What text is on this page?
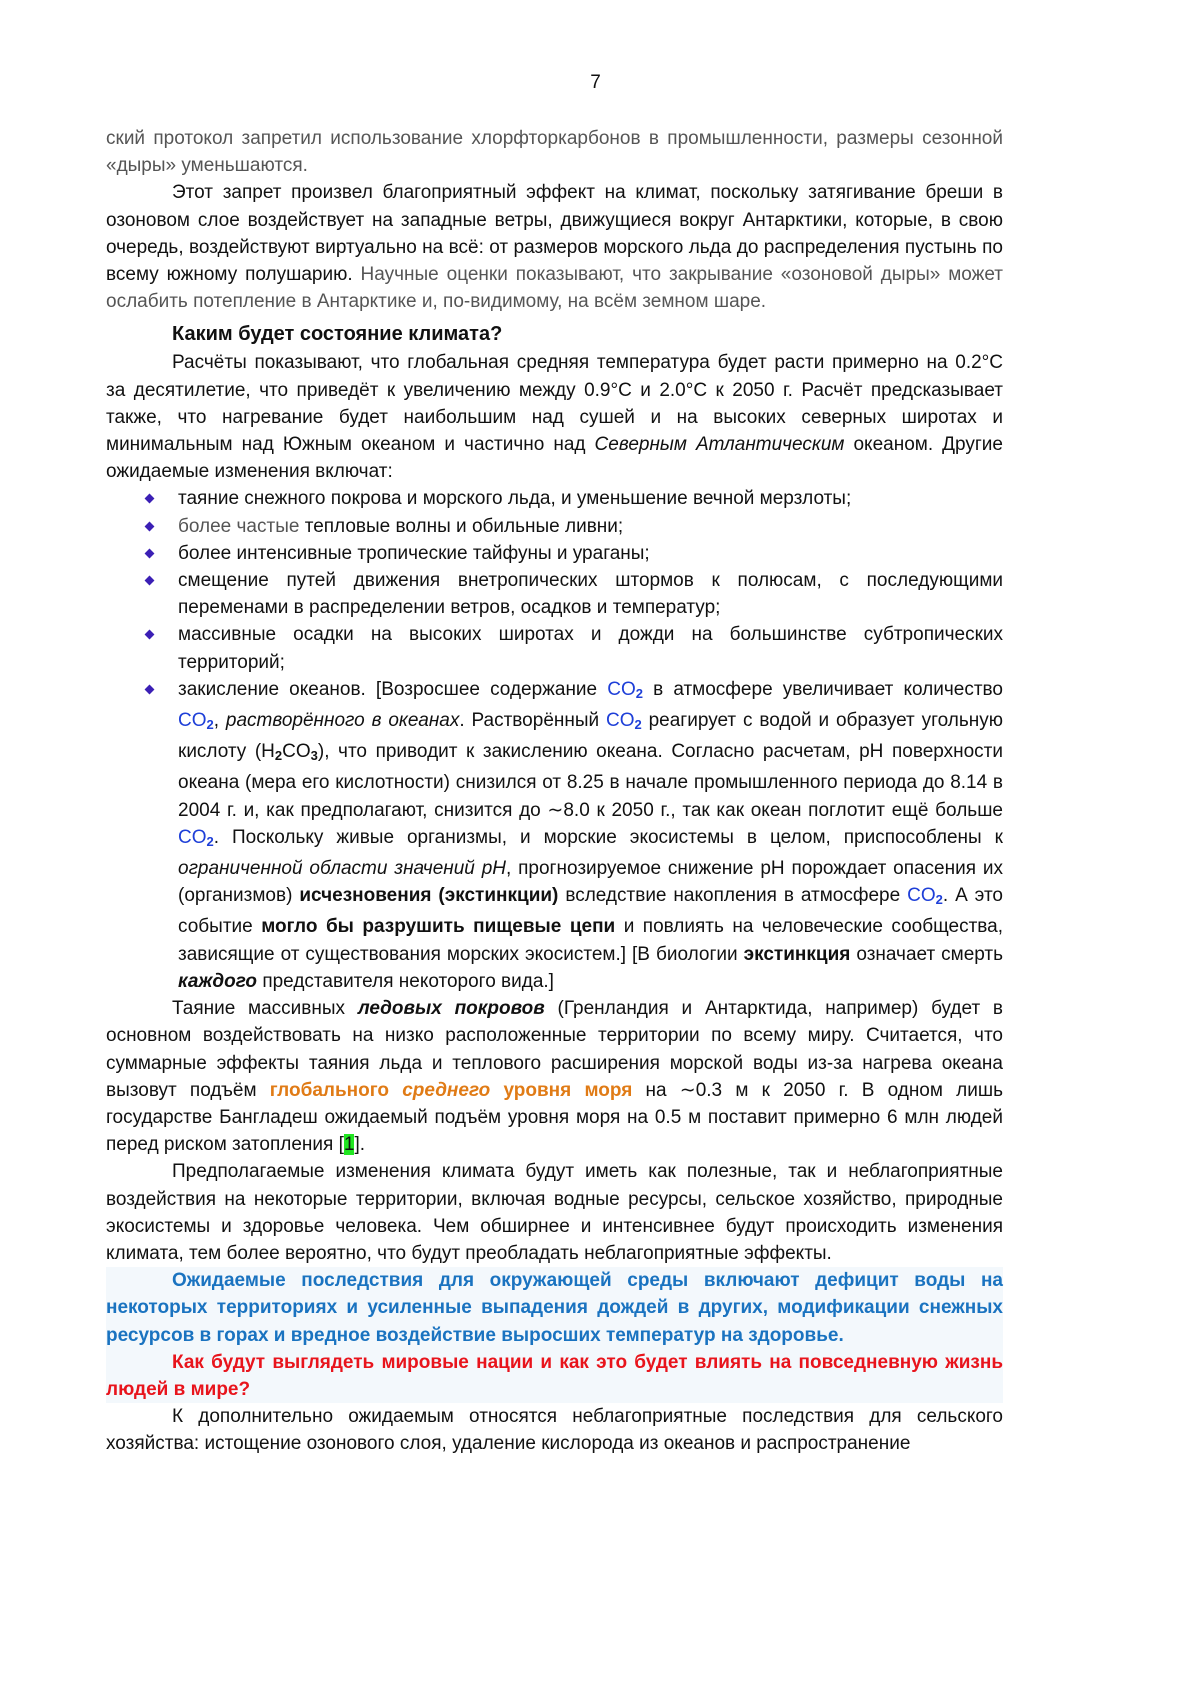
7

ский протокол запретил использование хлорфторкарбонов в промышленности, размеры сезонной «дыры» уменьшаются.

Этот запрет произвел благоприятный эффект на климат, поскольку затягивание бреши в озоновом слое воздействует на западные ветры, движущиеся вокруг Антарктики, которые, в свою очередь, воздействуют виртуально на всё: от размеров морского льда до распределения пустынь по всему южному полушарию. Научные оценки показывают, что закрывание «озоновой дыры» может ослабить потепление в Антарктике и, по-видимому, на всём земном шаре.

Каким будет состояние климата?

Расчёты показывают, что глобальная средняя температура будет расти примерно на 0.2°C за десятилетие, что приведёт к увеличению между 0.9°C и 2.0°C к 2050 г. Расчёт предсказывает также, что нагревание будет наибольшим над сушей и на высоких северных широтах и минимальным над Южным океаном и частично над Северным Атлантическим океаном. Другие ожидаемые изменения включат:

таяние снежного покрова и морского льда, и уменьшение вечной мерзлоты;
более частые тепловые волны и обильные ливни;
более интенсивные тропические тайфуны и ураганы;
смещение путей движения внетропических штормов к полюсам, с последующими переменами в распределении ветров, осадков и температур;
массивные осадки на высоких широтах и дожди на большинстве субтропических территорий;
закисление океанов. [Возросшее содержание CO2 в атмосфере увеличивает количество CO2, растворённого в океанах. Растворённый CO2 реагирует с водой и образует угольную кислоту $(H_2CO_3)$, что приводит к закислению океана. Согласно расчетам, pH поверхности океана (мера его кислотности) снизился от 8.25 в начале промышленного периода до 8.14 в 2004 г. и, как предполагают, снизится до ∼8.0 к 2050 г., так как океан поглотит ещё больше CO2. Поскольку живые организмы, и морские экосистемы в целом, приспособлены к ограниченной области значений pH, прогнозируемое снижение pH порождает опасения их (организмов) исчезновения (экстинкции) вследствие накопления в атмосфере CO2. А это событие могло бы разрушить пищевые цепи и повлиять на человеческие сообщества, зависящие от существования морских экосистем.] [В биологии экстинкция означает смерть каждого представителя некоторого вида.]

Таяние массивных ледовых покровов (Гренландия и Антарктида, например) будет в основном воздействовать на низко расположенные территории по всему миру. Считается, что суммарные эффекты таяния льда и теплового расширения морской воды из-за нагрева океана вызовут подъём глобального среднего уровня моря на ∼0.3 м к 2050 г. В одном лишь государстве Бангладеш ожидаемый подъём уровня моря на 0.5 м поставит примерно 6 млн людей перед риском затопления [1].

Предполагаемые изменения климата будут иметь как полезные, так и неблагоприятные воздействия на некоторые территории, включая водные ресурсы, сельское хозяйство, природные экосистемы и здоровье человека. Чем обширнее и интенсивнее будут происходить изменения климата, тем более вероятно, что будут преобладать неблагоприятные эффекты.

Ожидаемые последствия для окружающей среды включают дефицит воды на некоторых территориях и усиленные выпадения дождей в других, модификации снежных ресурсов в горах и вредное воздействие выросших температур на здоровье.

Как будут выглядеть мировые нации и как это будет влиять на повседневную жизнь людей в мире?

К дополнительно ожидаемым относятся неблагоприятные последствия для сельского хозяйства: истощение озонового слоя, удаление кислорода из океанов и распространение
